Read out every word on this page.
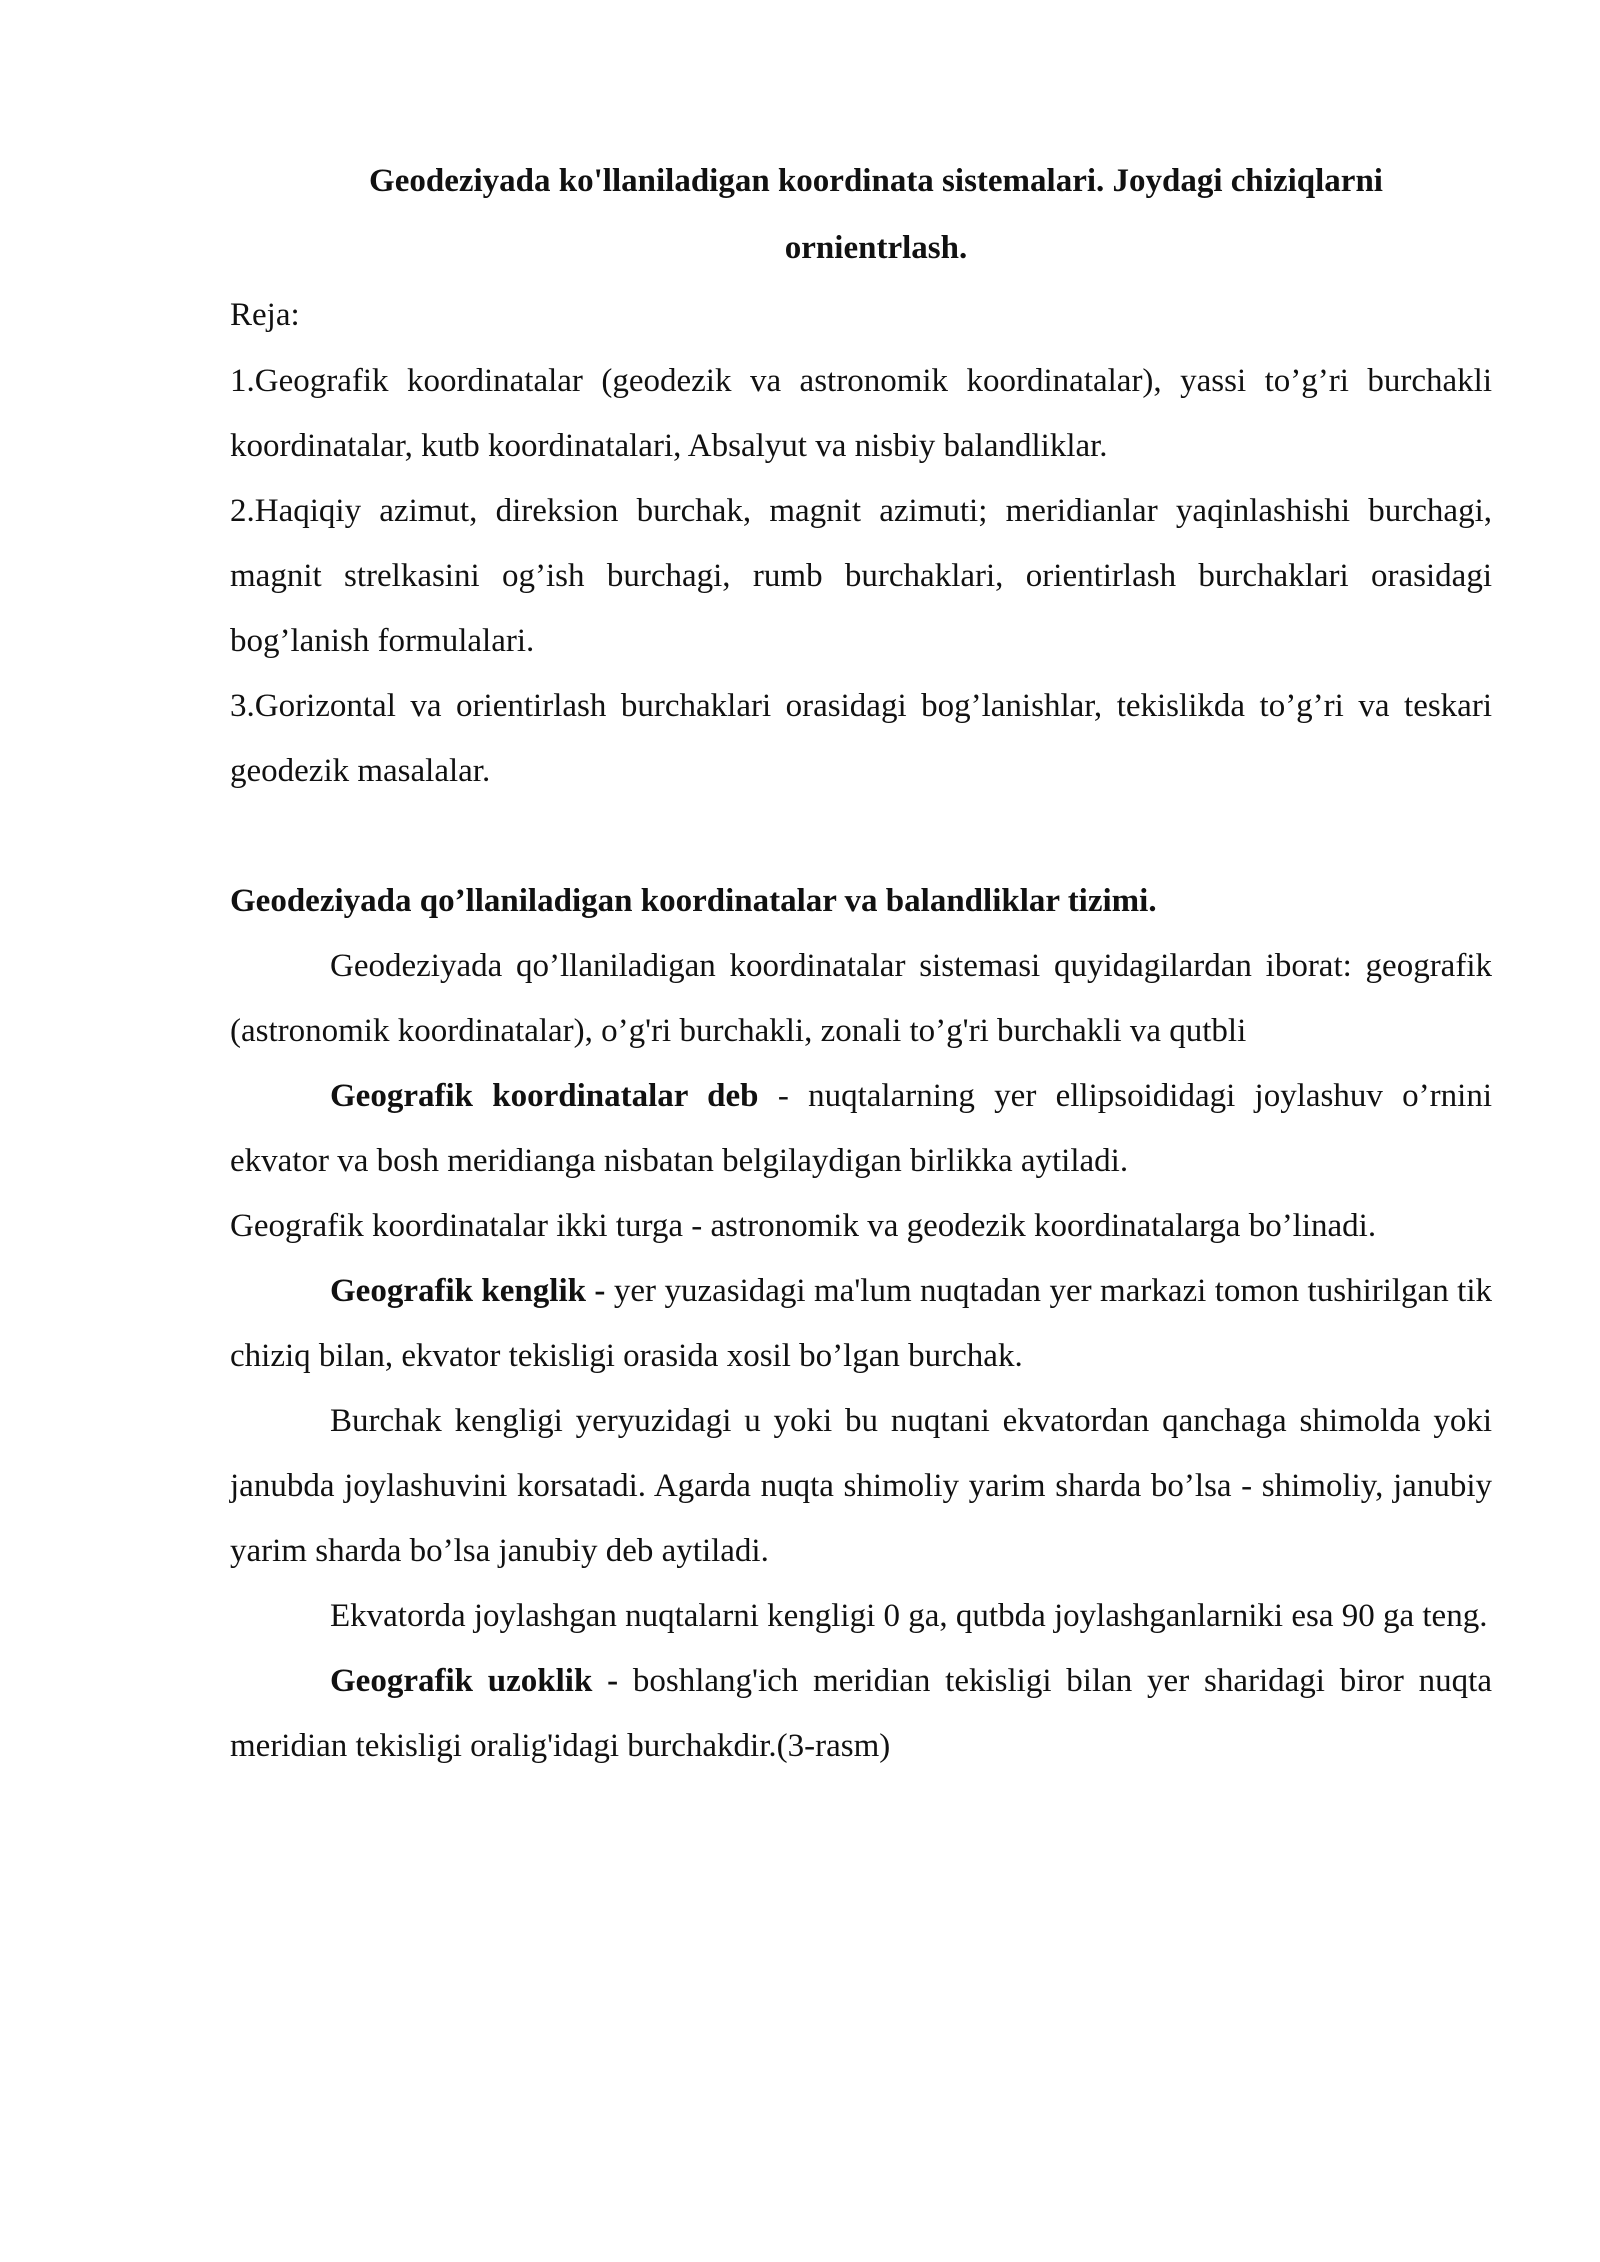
Geodeziyada ko'llaniladigan koordinata sistemalari. Joydagi chiziqlarni
ornientrlash.

Reja:

1.Geografik koordinatalar (geodezik va astronomik koordinatalar), yassi to’g’ri burchakli koordinatalar, kutb koordinatalari, Absalyut va nisbiy balandliklar.

2.Haqiqiy azimut, direksion burchak, magnit azimuti; meridianlar yaqinlashishi burchagi, magnit strelkasini og’ish burchagi, rumb burchaklari, orientirlash burchaklari orasidagi bog’lanish formulalari.

3.Gorizontal va orientirlash burchaklari orasidagi bog’lanishlar, tekislikda to’g’ri va teskari geodezik masalalar.

Geodeziyada qo’llaniladigan koordinatalar va balandliklar tizimi.

Geodeziyada qo’llaniladigan koordinatalar sistemasi quyidagilardan iborat: geografik (astronomik koordinatalar), o’g'ri burchakli, zonali to’g'ri burchakli va qutbli

Geografik koordinatalar deb - nuqtalarning yer ellipsoididagi joylashuv o’rnini ekvator va bosh meridianga nisbatan belgilaydigan birlikka aytiladi.

Geografik koordinatalar ikki turga - astronomik va geodezik koordinatalarga bo’linadi.

Geografik kenglik - yer yuzasidagi ma'lum nuqtadan yer markazi tomon tushirilgan tik chiziq bilan, ekvator tekisligi orasida xosil bo’lgan burchak.

Burchak kengligi yeryuzidagi u yoki bu nuqtani ekvatordan qanchaga shimolda yoki janubda joylashuvini korsatadi. Agarda nuqta shimoliy yarim sharda bo’lsa - shimoliy, janubiy yarim sharda bo’lsa janubiy deb aytiladi.

Ekvatorda joylashgan nuqtalarni kengligi 0 ga, qutbda joylashganlarniki esa 90 ga teng.

Geografik uzoklik - boshlang'ich meridian tekisligi bilan yer sharidagi biror nuqta meridian tekisligi oralig'idagi burchakdir.(3-rasm)
